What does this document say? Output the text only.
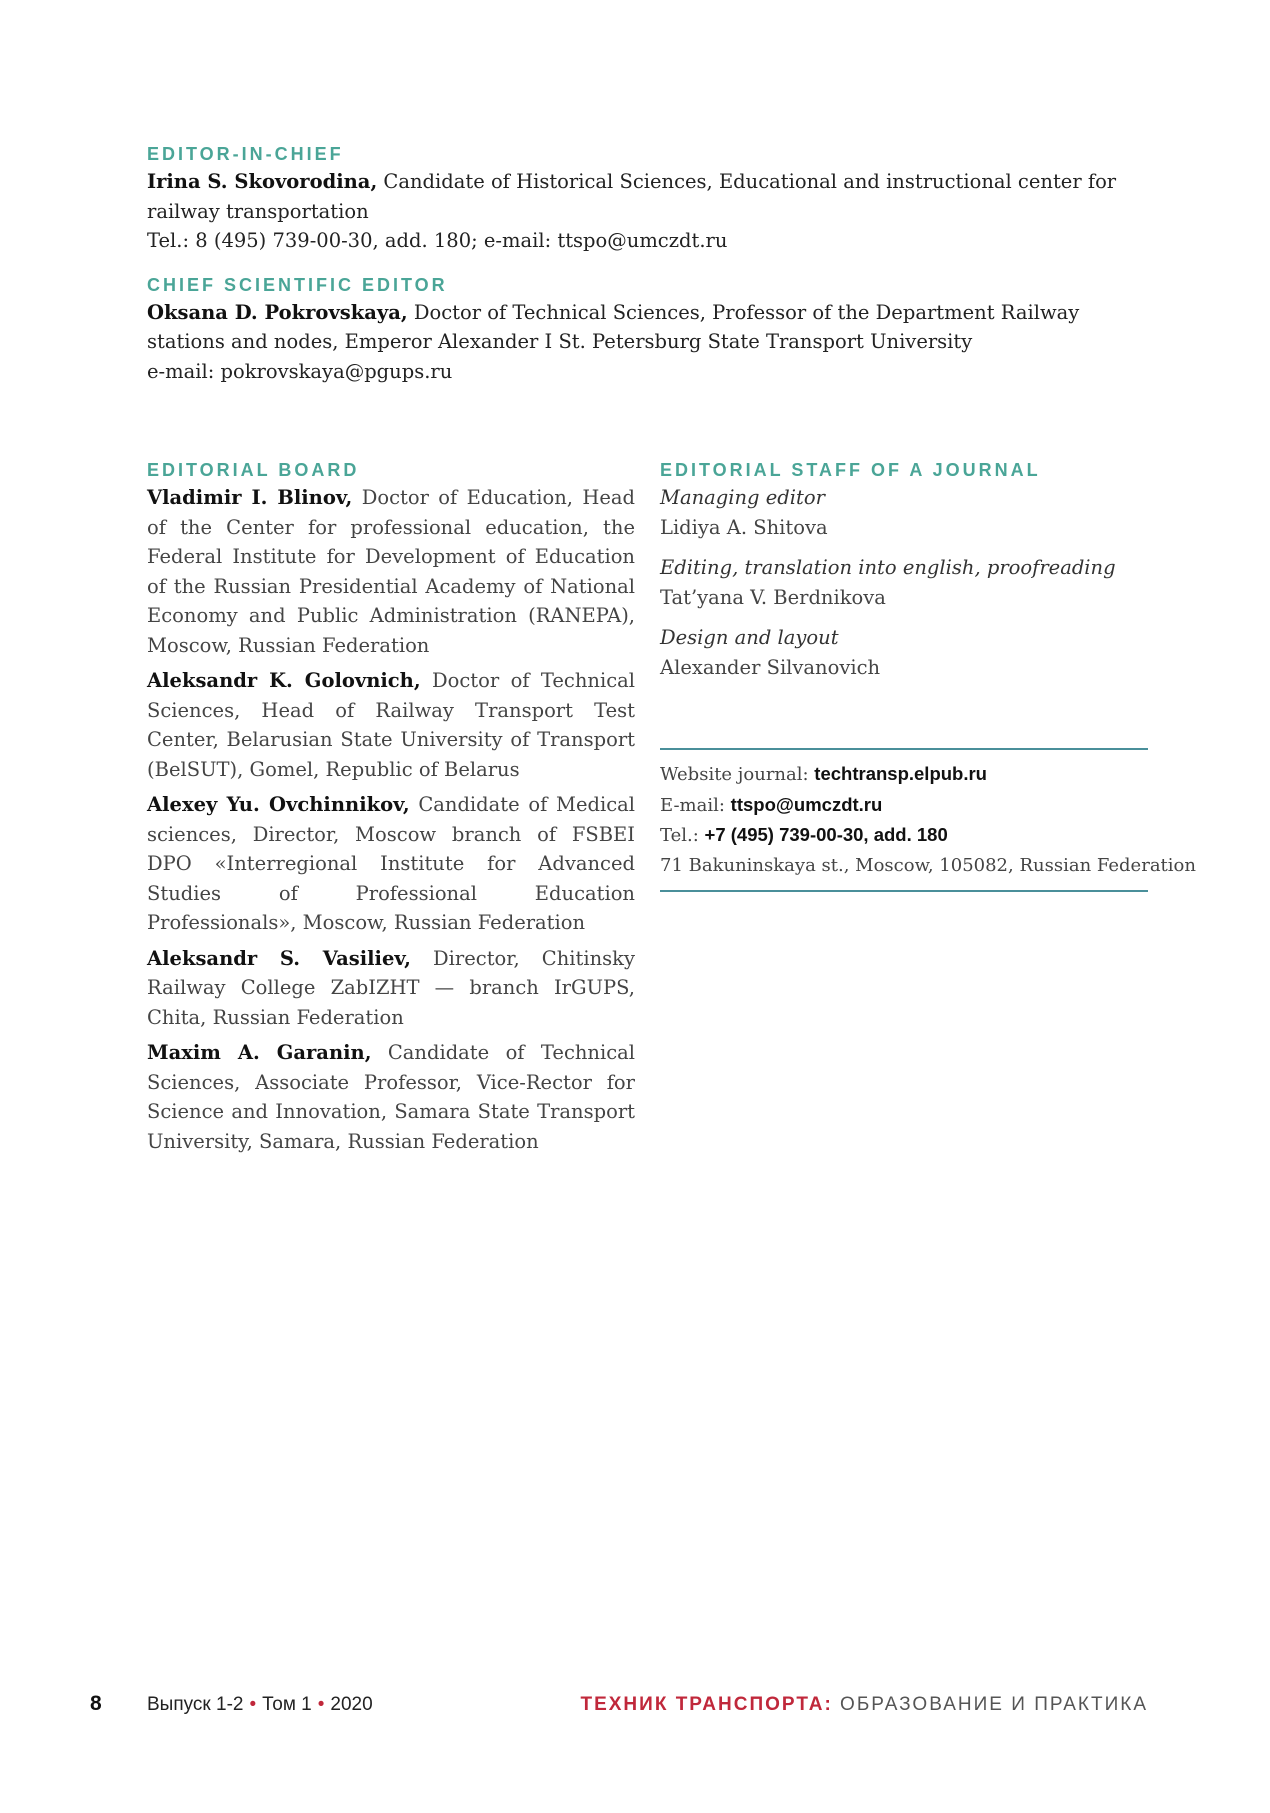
EDITOR-IN-CHIEF
Irina S. Skovorodina, Candidate of Historical Sciences, Educational and instructional center for railway transportation
Tel.: 8 (495) 739-00-30, add. 180; e-mail: ttspo@umczdt.ru
CHIEF SCIENTIFIC EDITOR
Oksana D. Pokrovskaya, Doctor of Technical Sciences, Professor of the Department Railway stations and nodes, Emperor Alexander I St. Petersburg State Transport University
e-mail: pokrovskaya@pgups.ru
EDITORIAL BOARD
Vladimir I. Blinov, Doctor of Education, Head of the Center for professional education, the Federal Institute for Development of Education of the Russian Presidential Academy of National Economy and Public Administration (RANEPA), Moscow, Russian Federation
Aleksandr K. Golovnich, Doctor of Technical Sciences, Head of Railway Transport Test Center, Belarusian State University of Transport (BelSUT), Gomel, Republic of Belarus
Alexey Yu. Ovchinnikov, Candidate of Medical sciences, Director, Moscow branch of FSBEI DPO «Interregional Institute for Advanced Studies of Professional Education Professionals», Moscow, Russian Federation
Aleksandr S. Vasiliev, Director, Chitinsky Railway College ZabIZHT — branch IrGUPS, Chita, Russian Federation
Maxim A. Garanin, Candidate of Technical Sciences, Associate Professor, Vice-Rector for Science and Innovation, Samara State Transport University, Samara, Russian Federation
EDITORIAL STAFF OF A JOURNAL
Managing editor
Lidiya A. Shitova
Editing, translation into english, proofreading
Tat’yana V. Berdnikova
Design and layout
Alexander Silvanovich
Website journal: techtransp.elpub.ru
E-mail: ttspo@umczdt.ru
Tel.: +7 (495) 739-00-30, add. 180
71 Bakuninskaya st., Moscow, 105082, Russian Federation
8 Выпуск 1-2 • Том 1 • 2020	ТЕХНИК ТРАНСПОРТА: ОБРАЗОВАНИЕ И ПРАКТИКА
